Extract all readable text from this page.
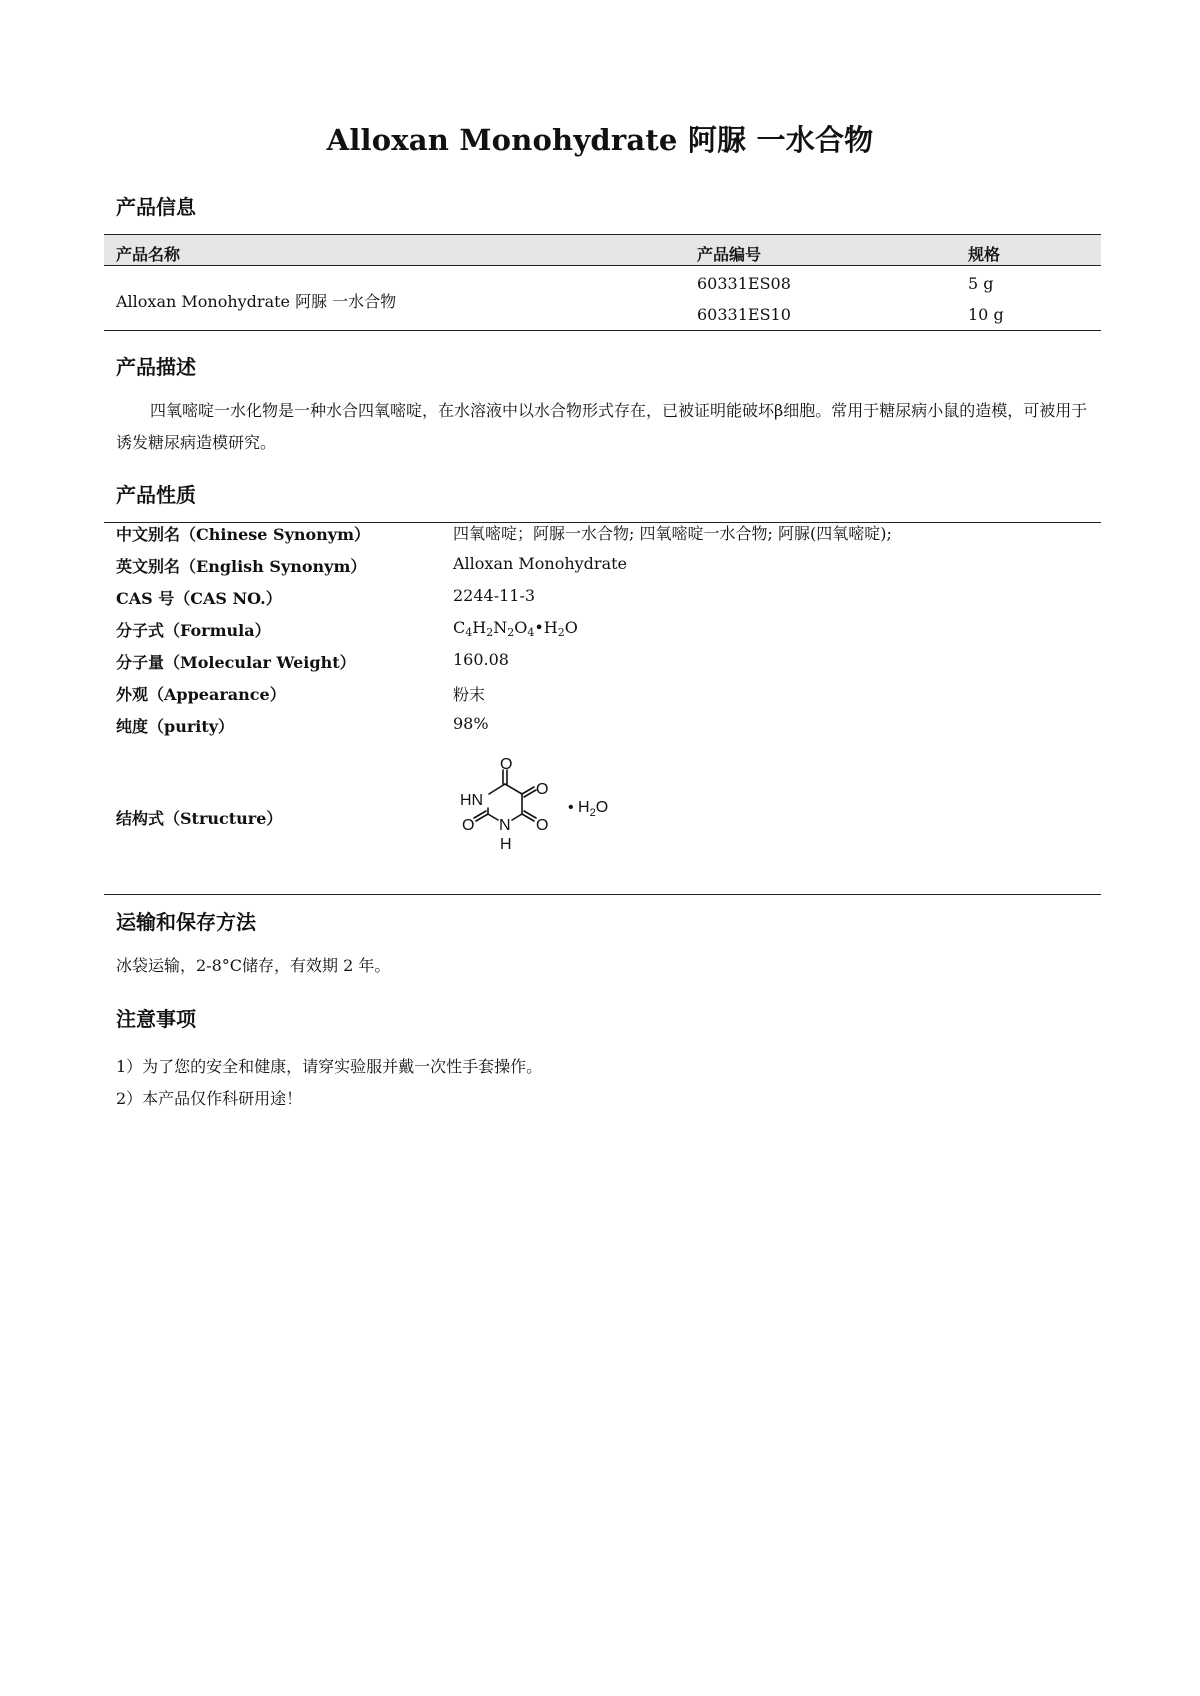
Alloxan Monohydrate 阿脲 一水合物
产品信息
产品名称	产品编号	规格
Alloxan Monohydrate 阿脲 一水合物
60331ES08	5 g
60331ES10	10 g
产品描述
四氧嘧啶一水化物是一种水合四氧嘧啶，在水溶液中以水合物形式存在，已被证明能破坏β细胞。常用于糖尿病小鼠的造模，可被用于诱发糖尿病造模研究。
产品性质
中文别名（Chinese Synonym）	四氧嘧啶；阿脲一水合物; 四氧嘧啶一水合物; 阿脲(四氧嘧啶);
英文别名（English Synonym）	Alloxan Monohydrate
CAS 号（CAS NO.）	2244-11-3
分子式（Formula）	$C_4H_2N_2O_4•H_2O$
分子量（Molecular Weight）	160.08
外观（Appearance）	粉末
纯度（purity）	98%
结构式（Structure）
O
HN
O
O N
H
O
• $H_2O$
运输和保存方法
冰袋运输，2-8°C储存，有效期 2 年。
注意事项
1）为了您的安全和健康，请穿实验服并戴一次性手套操作。
2）本产品仅作科研用途！
